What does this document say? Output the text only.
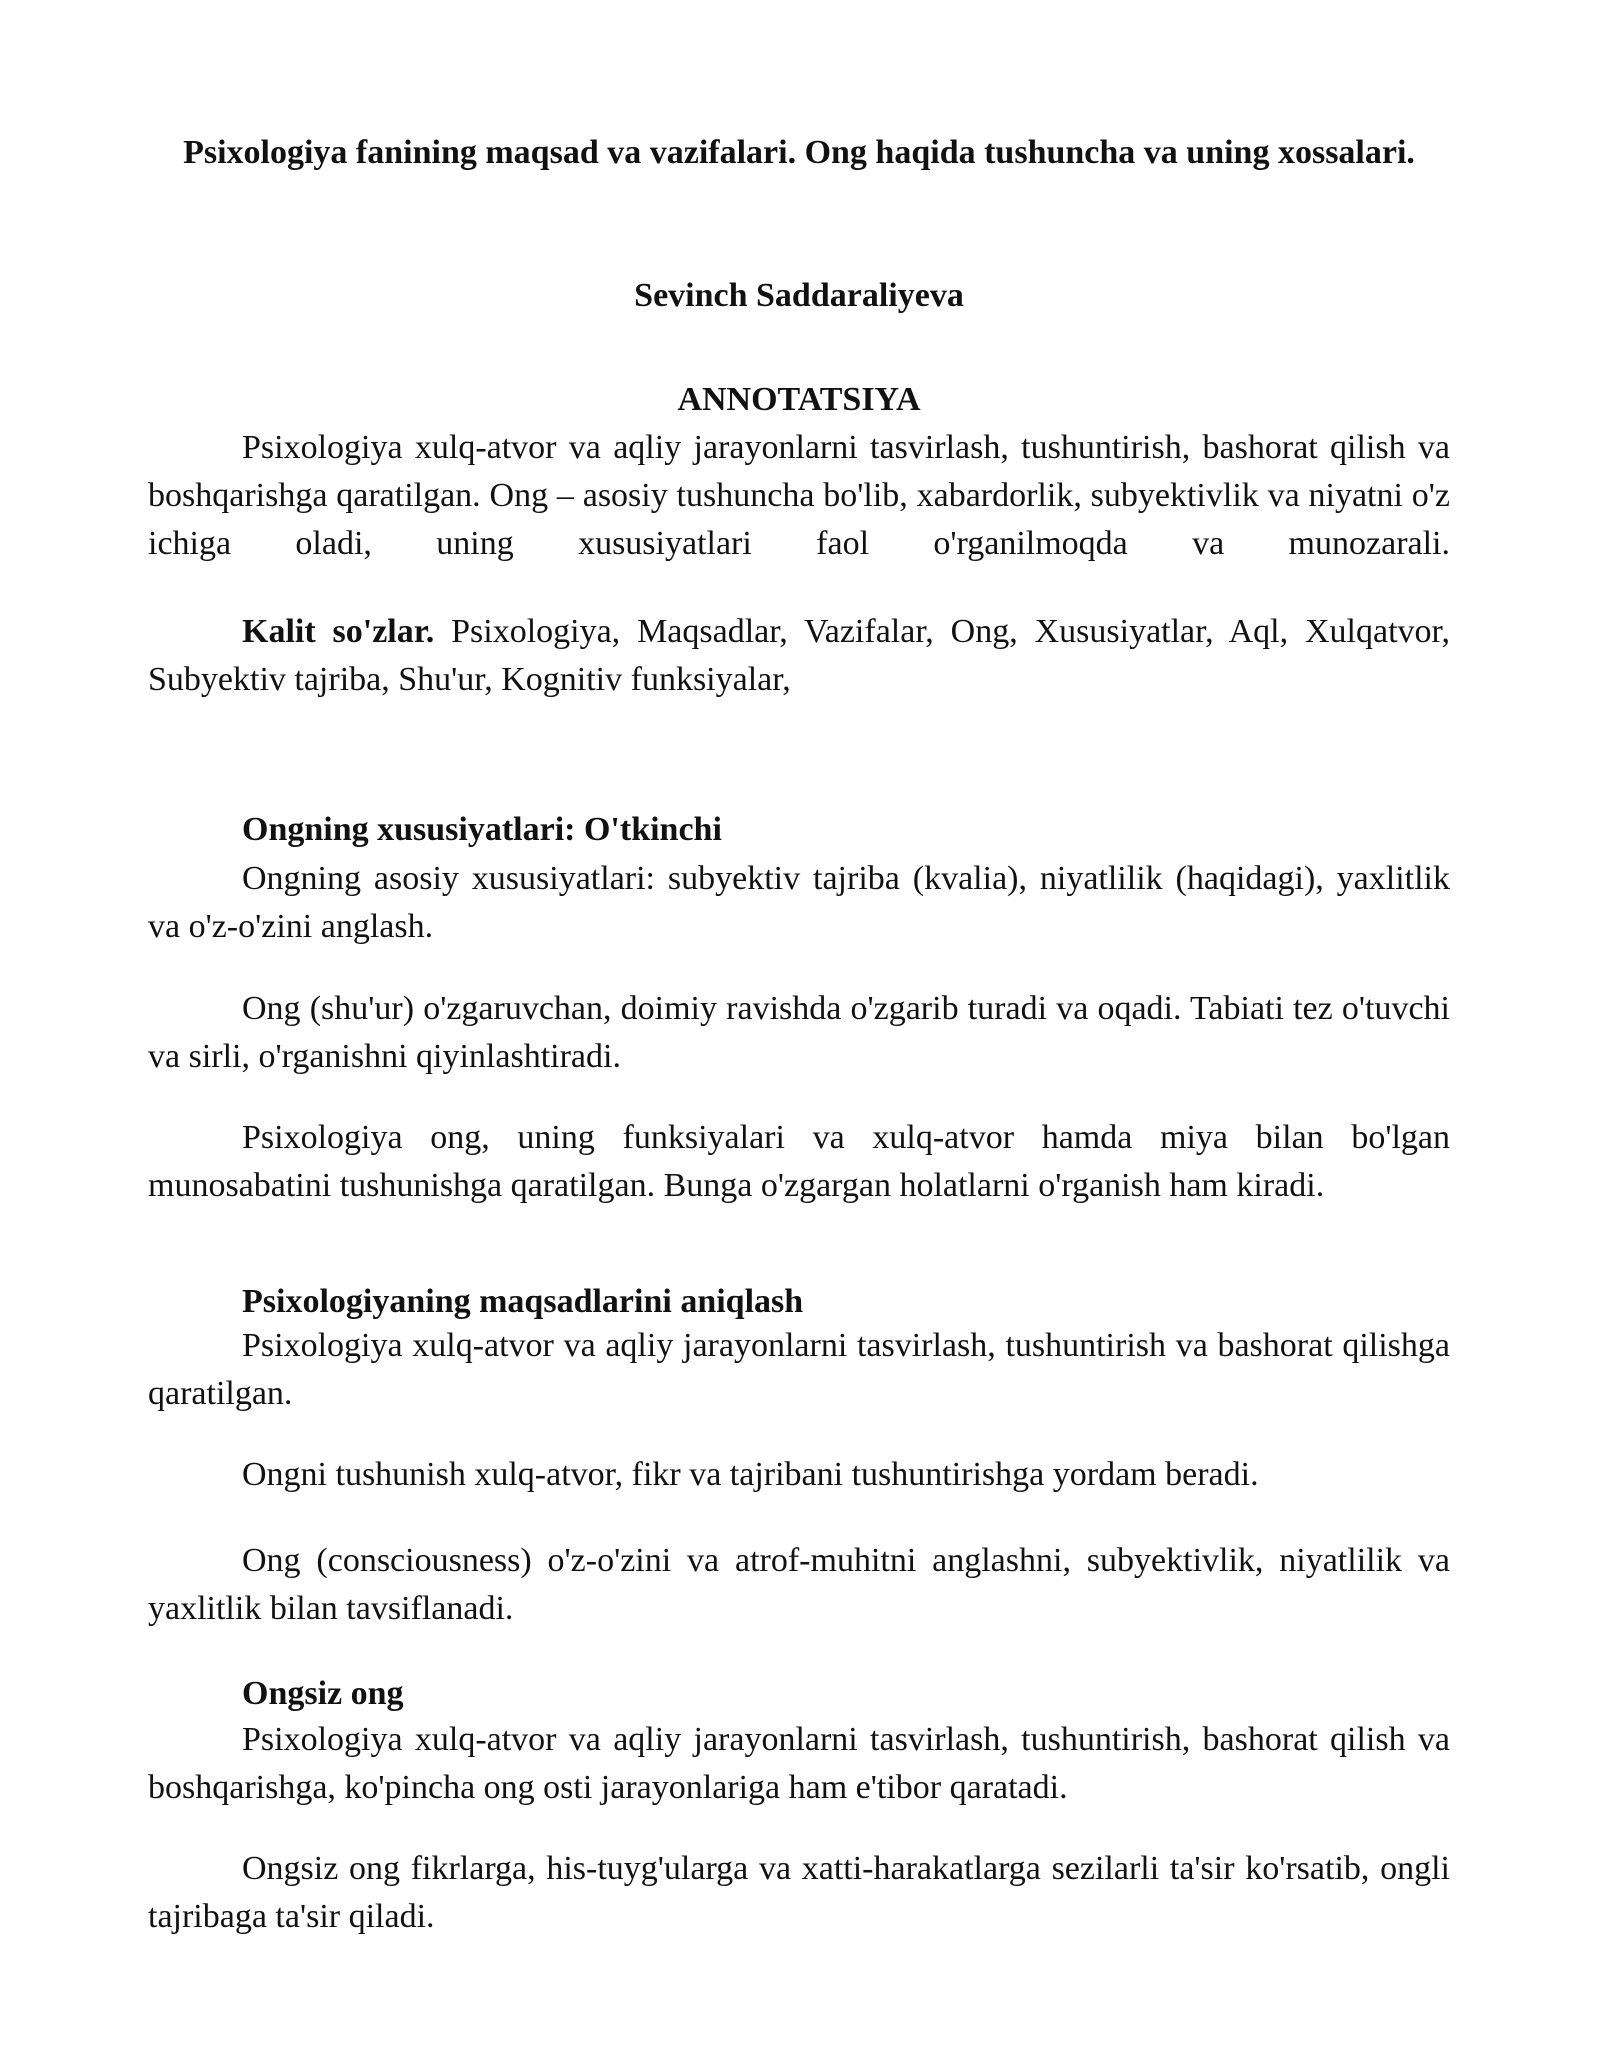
Psixologiya fanining maqsad va vazifalari. Ong haqida tushuncha va uning xossalari.
Sevinch Saddaraliyeva
ANNOTATSIYA

Psixologiya xulq-atvor va aqliy jarayonlarni tasvirlash, tushuntirish, bashorat qilish va boshqarishga qaratilgan. Ong – asosiy tushuncha bo'lib, xabardorlik, subyektivlik va niyatni o'z ichiga oladi, uning xususiyatlari faol o'rganilmoqda va munozarali.

Kalit so'zlar. Psixologiya, Maqsadlar, Vazifalar, Ong, Xususiyatlar, Aql, Xulqatvor, Subyektiv tajriba, Shu'ur, Kognitiv funksiyalar,

Ongning xususiyatlari: O'tkinchi

Ongning asosiy xususiyatlari: subyektiv tajriba (kvalia), niyatlilik (haqidagi), yaxlitlik va o'z-o'zini anglash.

Ong (shu'ur) o'zgaruvchan, doimiy ravishda o'zgarib turadi va oqadi. Tabiati tez o'tuvchi va sirli, o'rganishni qiyinlashtiradi.

Psixologiya ong, uning funksiyalari va xulq-atvor hamda miya bilan bo'lgan munosabatini tushunishga qaratilgan. Bunga o'zgargan holatlarni o'rganish ham kiradi.

Psixologiyaning maqsadlarini aniqlash

Psixologiya xulq-atvor va aqliy jarayonlarni tasvirlash, tushuntirish va bashorat qilishga qaratilgan.

Ongni tushunish xulq-atvor, fikr va tajribani tushuntirishga yordam beradi.

Ong (consciousness) o'z-o'zini va atrof-muhitni anglashni, subyektivlik, niyatlilik va yaxlitlik bilan tavsiflanadi.

Ongsiz ong

Psixologiya xulq-atvor va aqliy jarayonlarni tasvirlash, tushuntirish, bashorat qilish va boshqarishga, ko'pincha ong osti jarayonlariga ham e'tibor qaratadi.

Ongsiz ong fikrlarga, his-tuyg'ularga va xatti-harakatlarga sezilarli ta'sir ko'rsatib, ongli tajribaga ta'sir qiladi.
